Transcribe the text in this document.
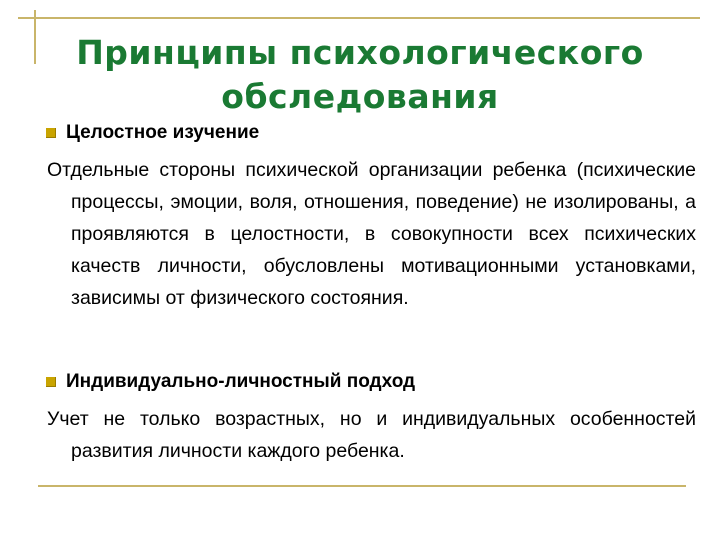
Принципы психологического обследования
Целостное изучение

Отдельные стороны психической организации ребенка (психические процессы, эмоции, воля, отношения, поведение) не изолированы, а проявляются в целостности, в совокупности всех психических качеств личности, обусловлены мотивационными установками, зависимы от физического состояния.

Индивидуально-личностный подход

Учет не только возрастных, но и индивидуальных особенностей развития личности каждого ребенка.
